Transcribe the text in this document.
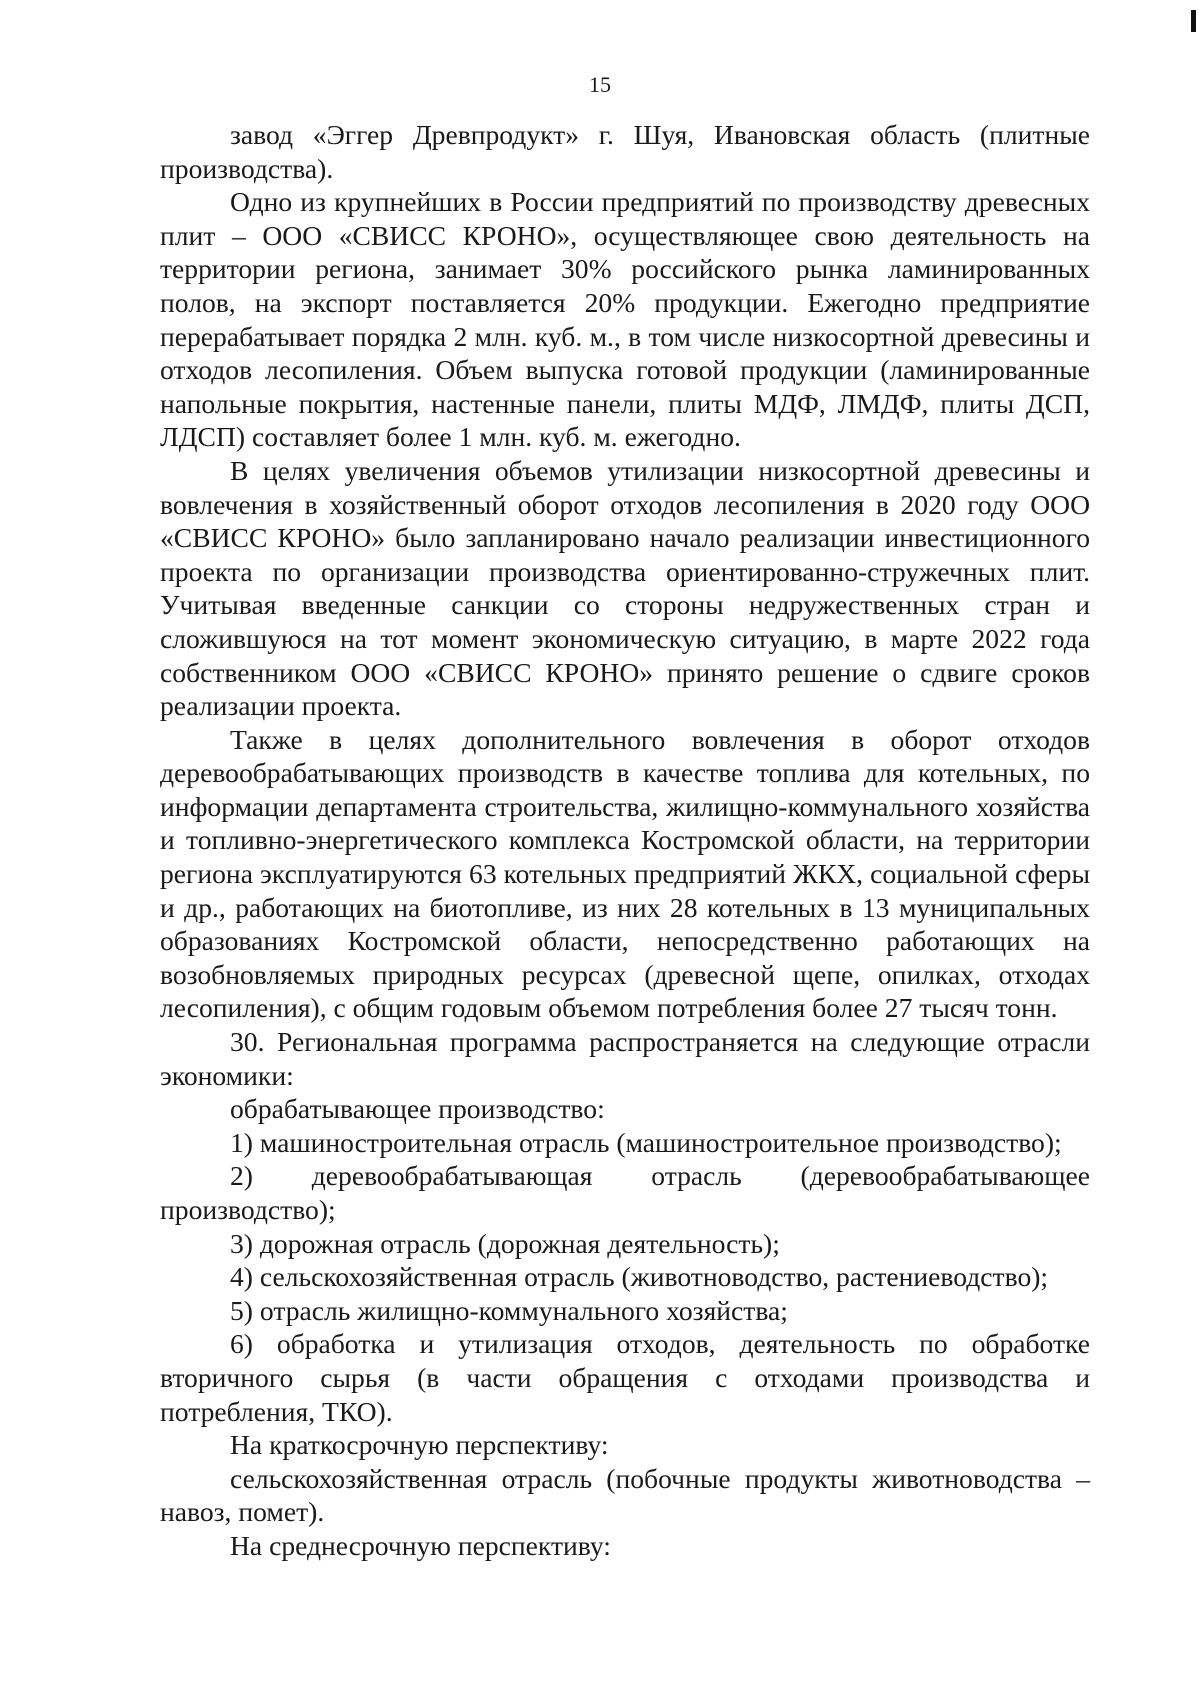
15

завод «Эггер Древпродукт» г. Шуя, Ивановская область (плитные производства).

Одно из крупнейших в России предприятий по производству древесных плит – ООО «СВИСС КРОНО», осуществляющее свою деятельность на территории региона, занимает 30% российского рынка ламинированных полов, на экспорт поставляется 20% продукции. Ежегодно предприятие перерабатывает порядка 2 млн. куб. м., в том числе низкосортной древесины и отходов лесопиления. Объем выпуска готовой продукции (ламинированные напольные покрытия, настенные панели, плиты МДФ, ЛМДФ, плиты ДСП, ЛДСП) составляет более 1 млн. куб. м. ежегодно.

В целях увеличения объемов утилизации низкосортной древесины и вовлечения в хозяйственный оборот отходов лесопиления в 2020 году ООО «СВИСС КРОНО» было запланировано начало реализации инвестиционного проекта по организации производства ориентированно-стружечных плит. Учитывая введенные санкции со стороны недружественных стран и сложившуюся на тот момент экономическую ситуацию, в марте 2022 года собственником ООО «СВИСС КРОНО» принято решение о сдвиге сроков реализации проекта.

Также в целях дополнительного вовлечения в оборот отходов деревообрабатывающих производств в качестве топлива для котельных, по информации департамента строительства, жилищно-коммунального хозяйства и топливно-энергетического комплекса Костромской области, на территории региона эксплуатируются 63 котельных предприятий ЖКХ, социальной сферы и др., работающих на биотопливе, из них 28 котельных в 13 муниципальных образованиях Костромской области, непосредственно работающих на возобновляемых природных ресурсах (древесной щепе, опилках, отходах лесопиления), с общим годовым объемом потребления более 27 тысяч тонн.

30. Региональная программа распространяется на следующие отрасли экономики:

обрабатывающее производство:

1) машиностроительная отрасль (машиностроительное производство);

2) деревообрабатывающая отрасль (деревообрабатывающее производство);

3) дорожная отрасль (дорожная деятельность);

4) сельскохозяйственная отрасль (животноводство, растениеводство);

5) отрасль жилищно-коммунального хозяйства;

6) обработка и утилизация отходов, деятельность по обработке вторичного сырья (в части обращения с отходами производства и потребления, ТКО).

На краткосрочную перспективу:

сельскохозяйственная отрасль (побочные продукты животноводства – навоз, помет).

На среднесрочную перспективу:
